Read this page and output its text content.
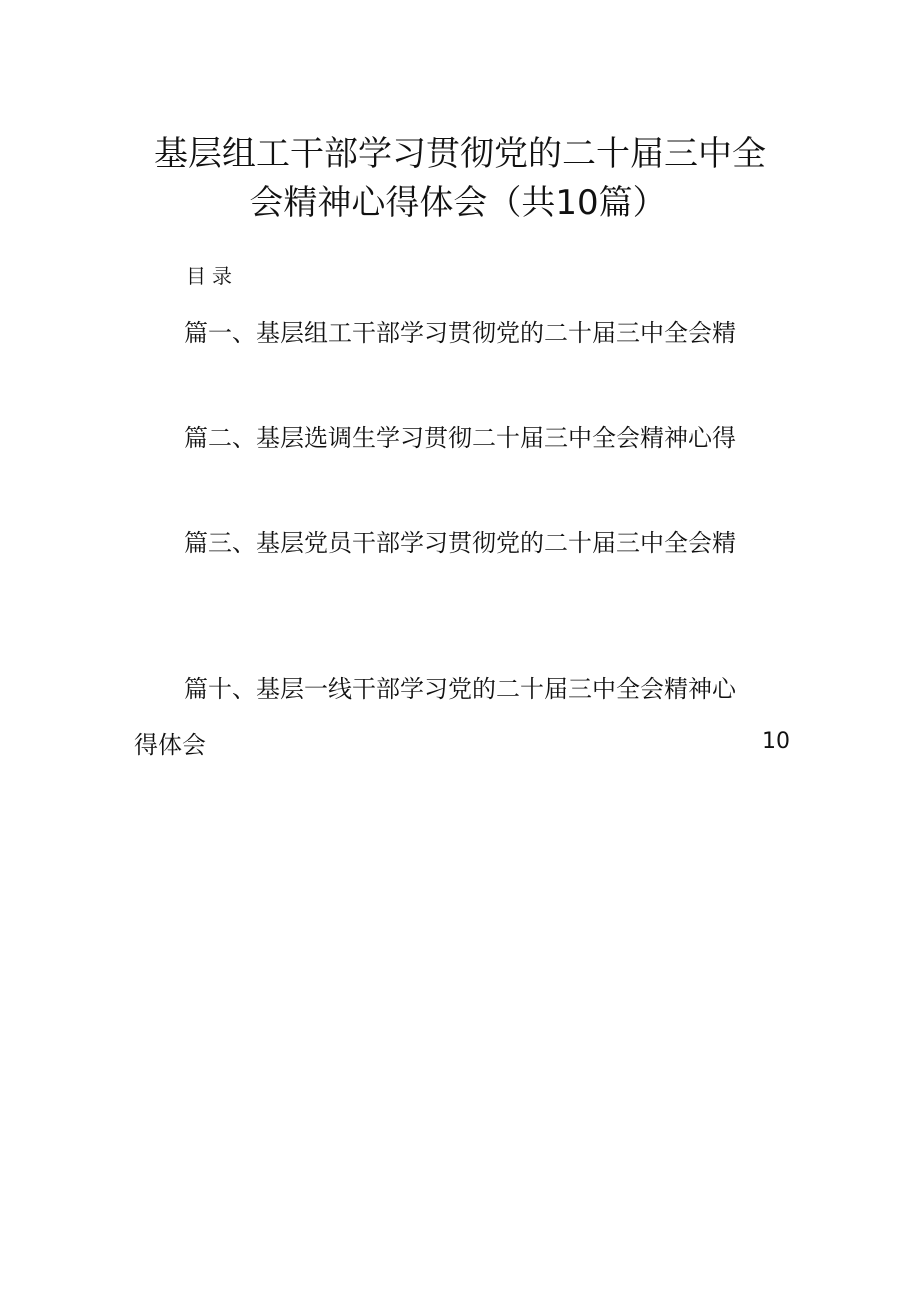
基层组工干部学习贯彻党的二十届三中全
会精神心得体会（共10篇）
目录
篇一、基层组工干部学习贯彻党的二十届三中全会精
篇二、基层选调生学习贯彻二十届三中全会精神心得
篇三、基层党员干部学习贯彻党的二十届三中全会精
篇十、基层一线干部学习党的二十届三中全会精神心
得体会	10
